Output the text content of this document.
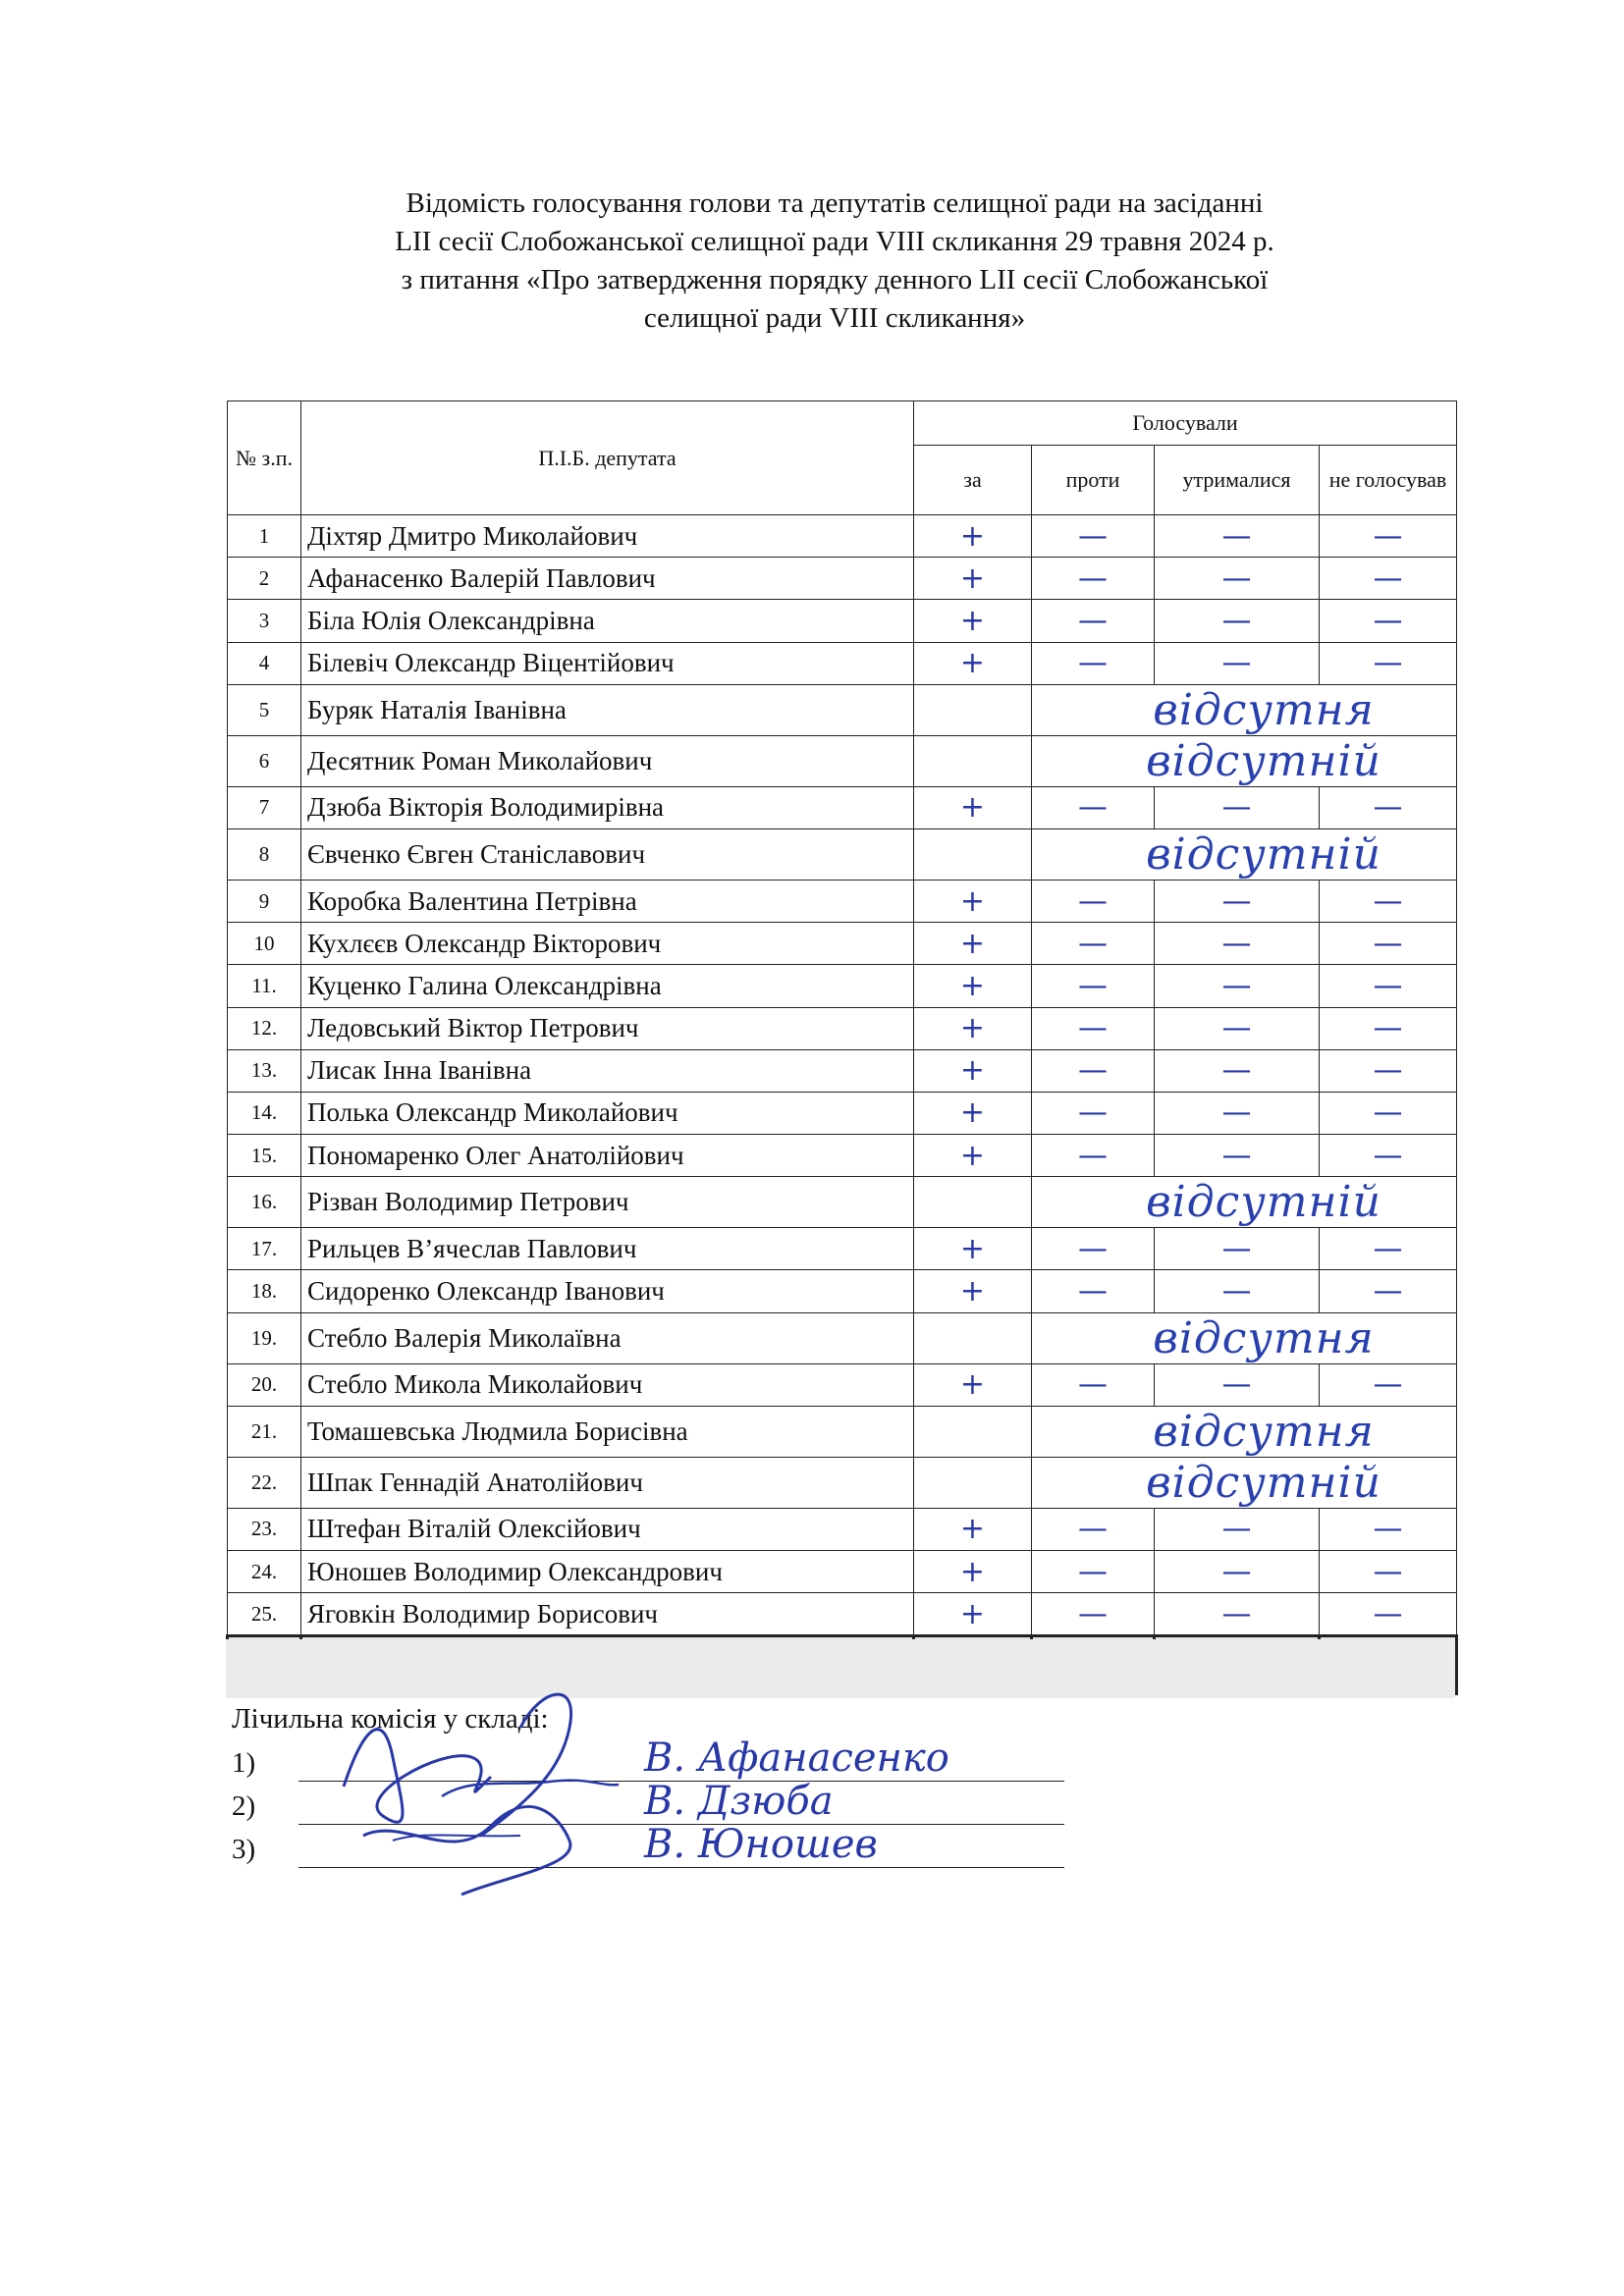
Відомість голосування голови та депутатів селищної ради на засіданні
LII сесії Слобожанської селищної ради VIII скликання 29 травня 2024 р.
з питання «Про затвердження порядку денного LII сесії Слобожанської
селищної ради VIII скликання»
№ з.п.	П.І.Б. депутата	Голосували			
		за	проти	утрималися	не голосував
1	Діхтяр Дмитро Миколайович	+	—	—	—
2	Афанасенко Валерій Павлович	+	—	—	—
3	Біла Юлія Олександрівна	+	—	—	—
4	Білевіч Олександр Віцентійович	+	—	—	—
5	Буряк Наталія Іванівна		відсутня		
6	Десятник Роман Миколайович		відсутній		
7	Дзюба Вікторія Володимирівна	+	—	—	—
8	Євченко Євген Станіславович		відсутній		
9	Коробка Валентина Петрівна	+	—	—	—
10	Кухлєєв Олександр Вікторович	+	—	—	—
11.	Куценко Галина Олександрівна	+	—	—	—
12.	Ледовський Віктор Петрович	+	—	—	—
13.	Лисак Інна Іванівна	+	—	—	—
14.	Полька Олександр Миколайович	+	—	—	—
15.	Пономаренко Олег Анатолійович	+	—	—	—
16.	Різван Володимир Петрович		відсутній		
17.	Рильцев В’ячеслав Павлович	+	—	—	—
18.	Сидоренко Олександр Іванович	+	—	—	—
19.	Стебло Валерія Миколаївна		відсутня		
20.	Стебло Микола Миколайович	+	—	—	—
21.	Томашевська Людмила Борисівна		відсутня		
22.	Шпак Геннадій Анатолійович		відсутній		
23.	Штефан Віталій Олексійович	+	—	—	—
24.	Юношев Володимир Олександрович	+	—	—	—
25.	Яговкін Володимир Борисович	+	—	—	—

Лічильна комісія у складі:
1)	В. Афанасенко
2)	В. Дзюба
3)	В. Юношев
